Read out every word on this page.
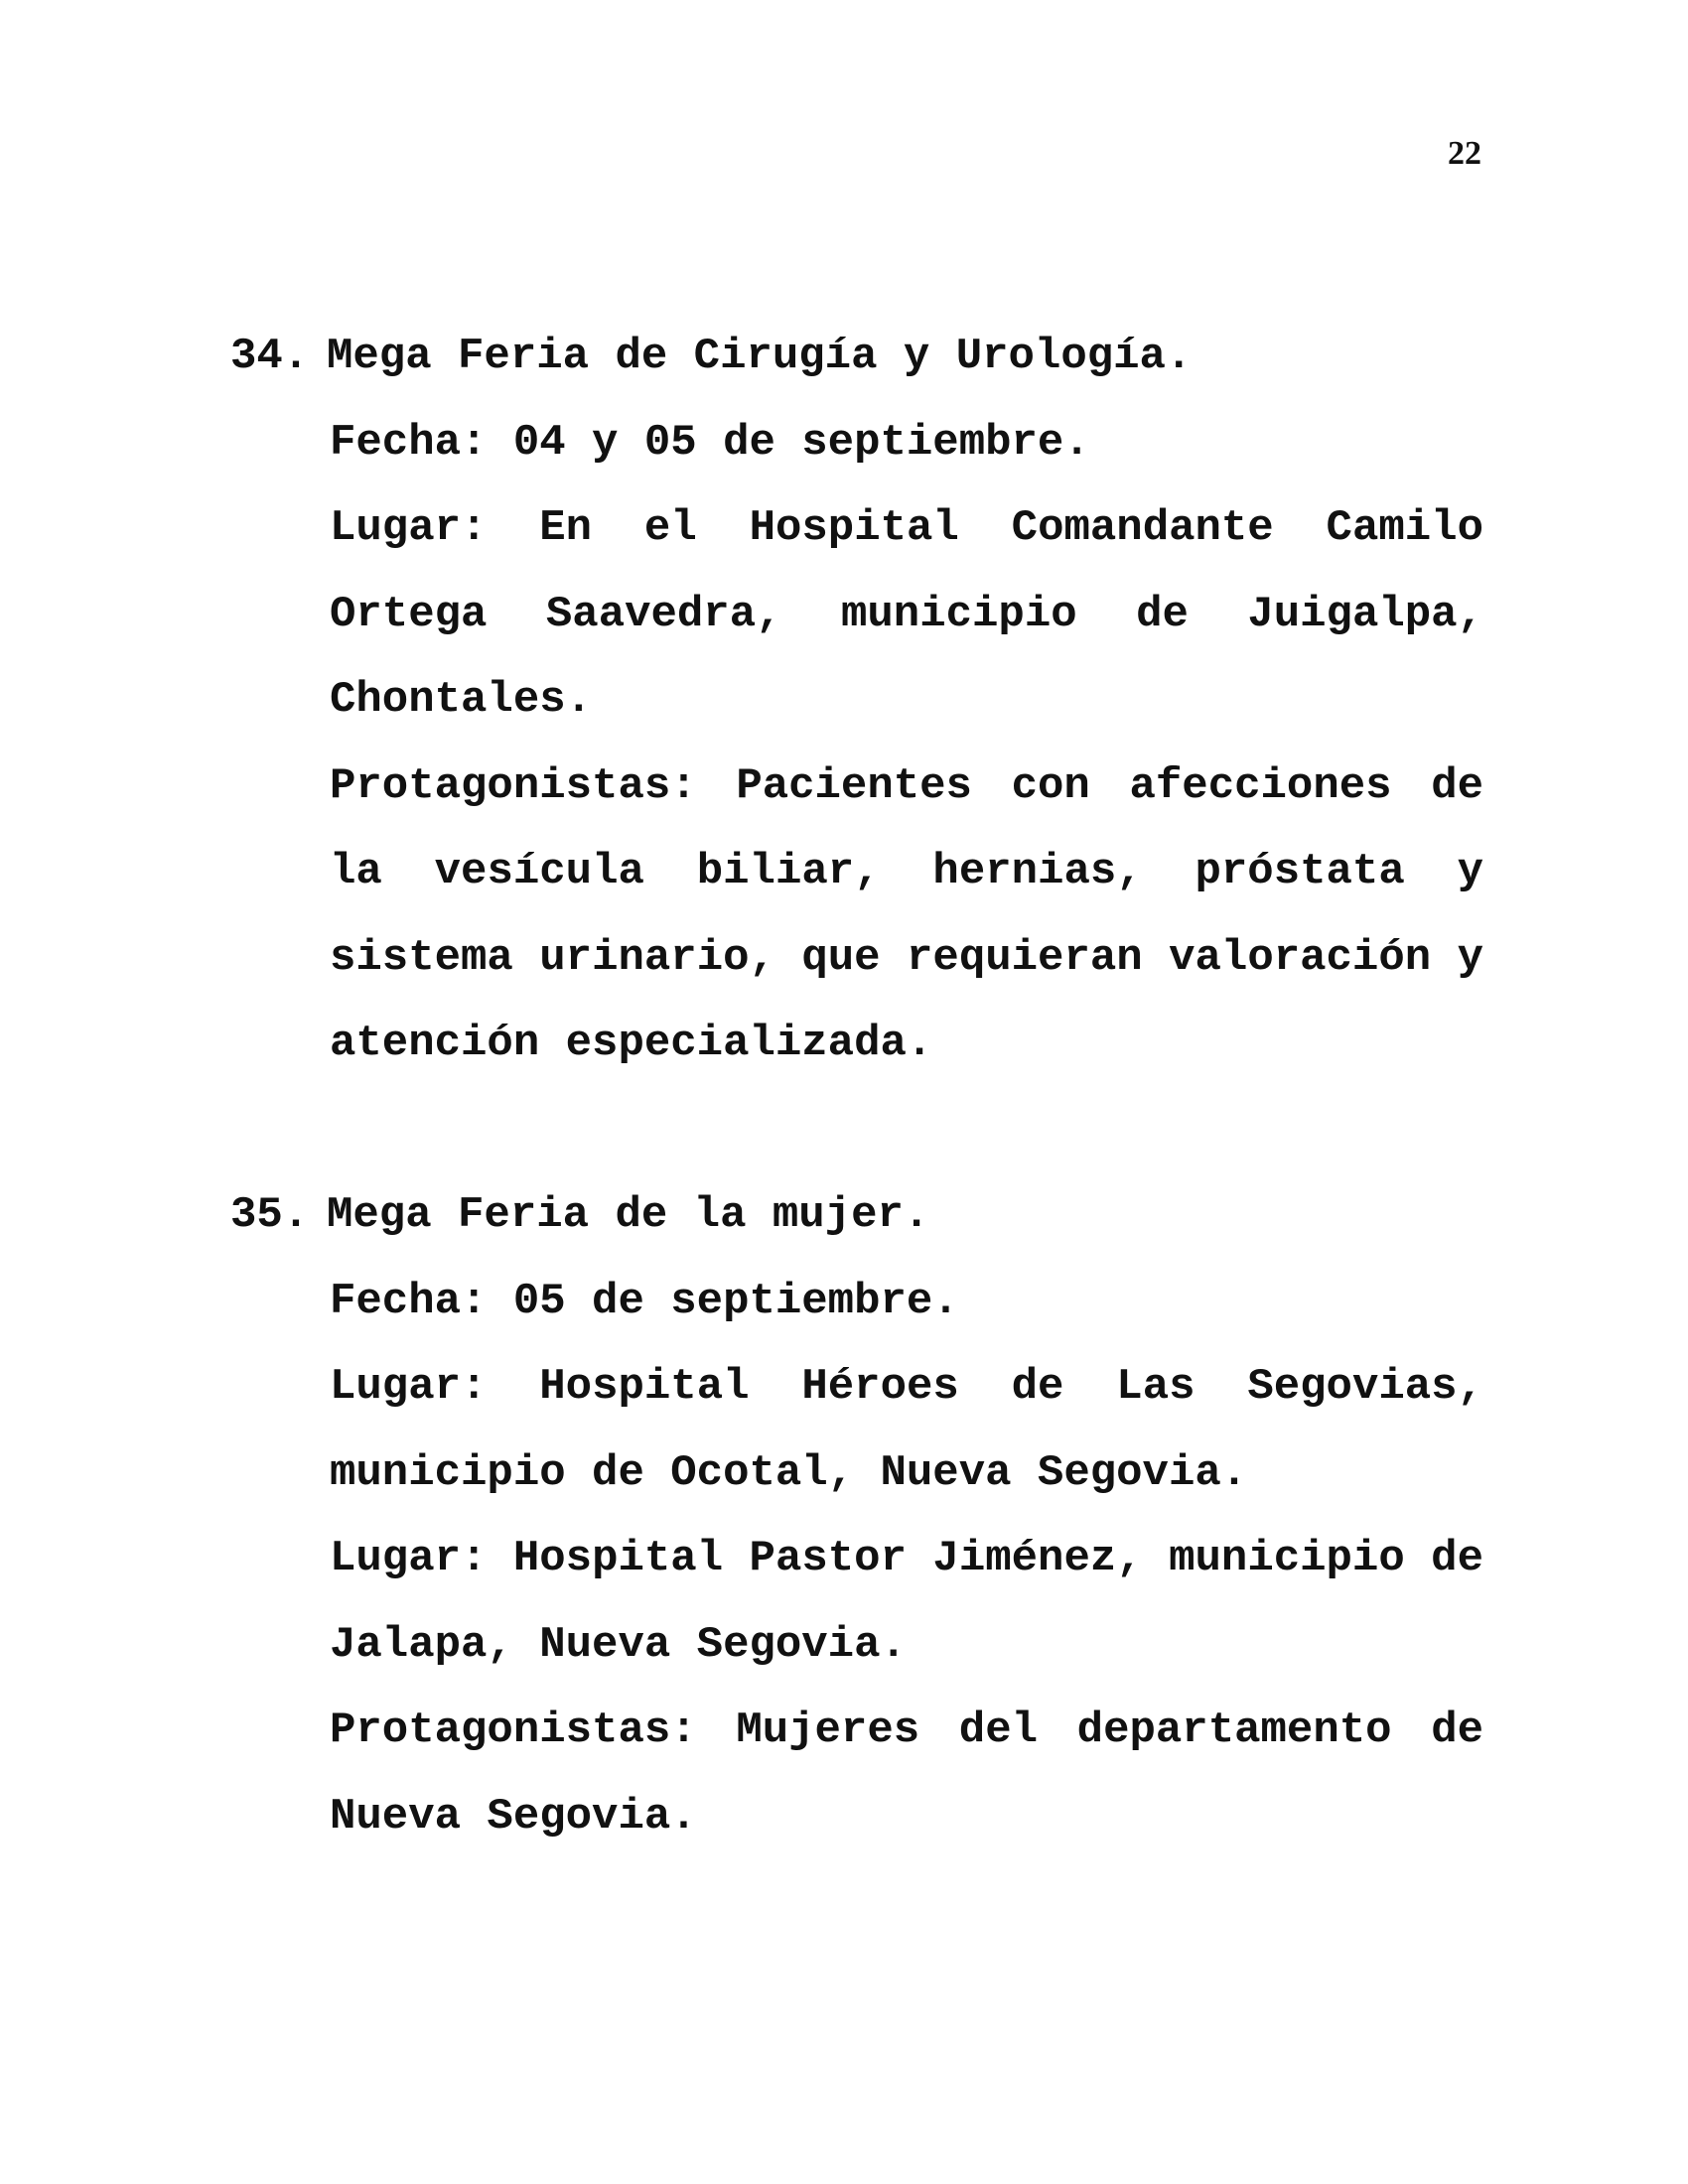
22
34. Mega Feria de Cirugía y Urología.
Fecha: 04 y 05 de septiembre.
Lugar: En el Hospital Comandante Camilo Ortega Saavedra, municipio de Juigalpa, Chontales.
Protagonistas: Pacientes con afecciones de la vesícula biliar, hernias, próstata y sistema urinario, que requieran valoración y atención especializada.
35. Mega Feria de la mujer.
Fecha: 05 de septiembre.
Lugar: Hospital Héroes de Las Segovias, municipio de Ocotal, Nueva Segovia.
Lugar: Hospital Pastor Jiménez, municipio de Jalapa, Nueva Segovia.
Protagonistas: Mujeres del departamento de Nueva Segovia.
